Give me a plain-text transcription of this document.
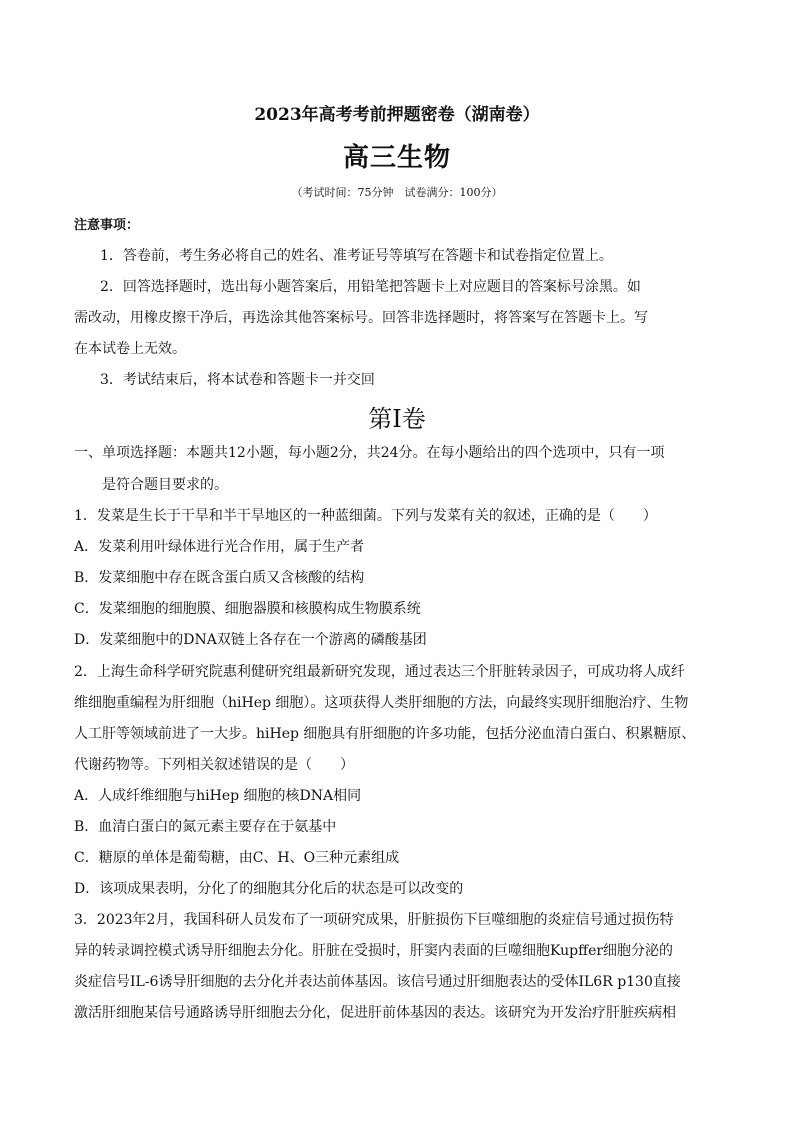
2023年高考考前押题密卷（湖南卷）
高三生物
（考试时间：75分钟　试卷满分：100分）
注意事项：
1．答卷前，考生务必将自己的姓名、准考证号等填写在答题卡和试卷指定位置上。
2．回答选择题时，选出每小题答案后，用铅笔把答题卡上对应题目的答案标号涂黑。如
需改动，用橡皮擦干净后，再选涂其他答案标号。回答非选择题时，将答案写在答题卡上。写
在本试卷上无效。
3．考试结束后，将本试卷和答题卡一并交回
第Ⅰ卷
一、单项选择题：本题共12小题，每小题2分，共24分。在每小题给出的四个选项中，只有一项
是符合题目要求的。
1．发菜是生长于干旱和半干旱地区的一种蓝细菌。下列与发菜有关的叙述，正确的是（　　）
A．发菜利用叶绿体进行光合作用，属于生产者
B．发菜细胞中存在既含蛋白质又含核酸的结构
C．发菜细胞的细胞膜、细胞器膜和核膜构成生物膜系统
D．发菜细胞中的DNA双链上各存在一个游离的磷酸基团
2．上海生命科学研究院惠利健研究组最新研究发现，通过表达三个肝脏转录因子，可成功将人成纤
维细胞重编程为肝细胞（hiHep 细胞）。这项获得人类肝细胞的方法，向最终实现肝细胞治疗、生物
人工肝等领域前进了一大步。hiHep 细胞具有肝细胞的许多功能，包括分泌血清白蛋白、积累糖原、
代谢药物等。下列相关叙述错误的是（　　）
A．人成纤维细胞与hiHep 细胞的核DNA相同
B．血清白蛋白的氮元素主要存在于氨基中
C．糖原的单体是葡萄糖，由C、H、O三种元素组成
D．该项成果表明，分化了的细胞其分化后的状态是可以改变的
3．2023年2月，我国科研人员发布了一项研究成果，肝脏损伤下巨噬细胞的炎症信号通过损伤特
异的转录调控模式诱导肝细胞去分化。肝脏在受损时，肝窦内表面的巨噬细胞Kupffer细胞分泌的
炎症信号IL-6诱导肝细胞的去分化并表达前体基因。该信号通过肝细胞表达的受体IL6R p130直接
激活肝细胞某信号通路诱导肝细胞去分化，促进肝前体基因的表达。该研究为开发治疗肝脏疾病相
